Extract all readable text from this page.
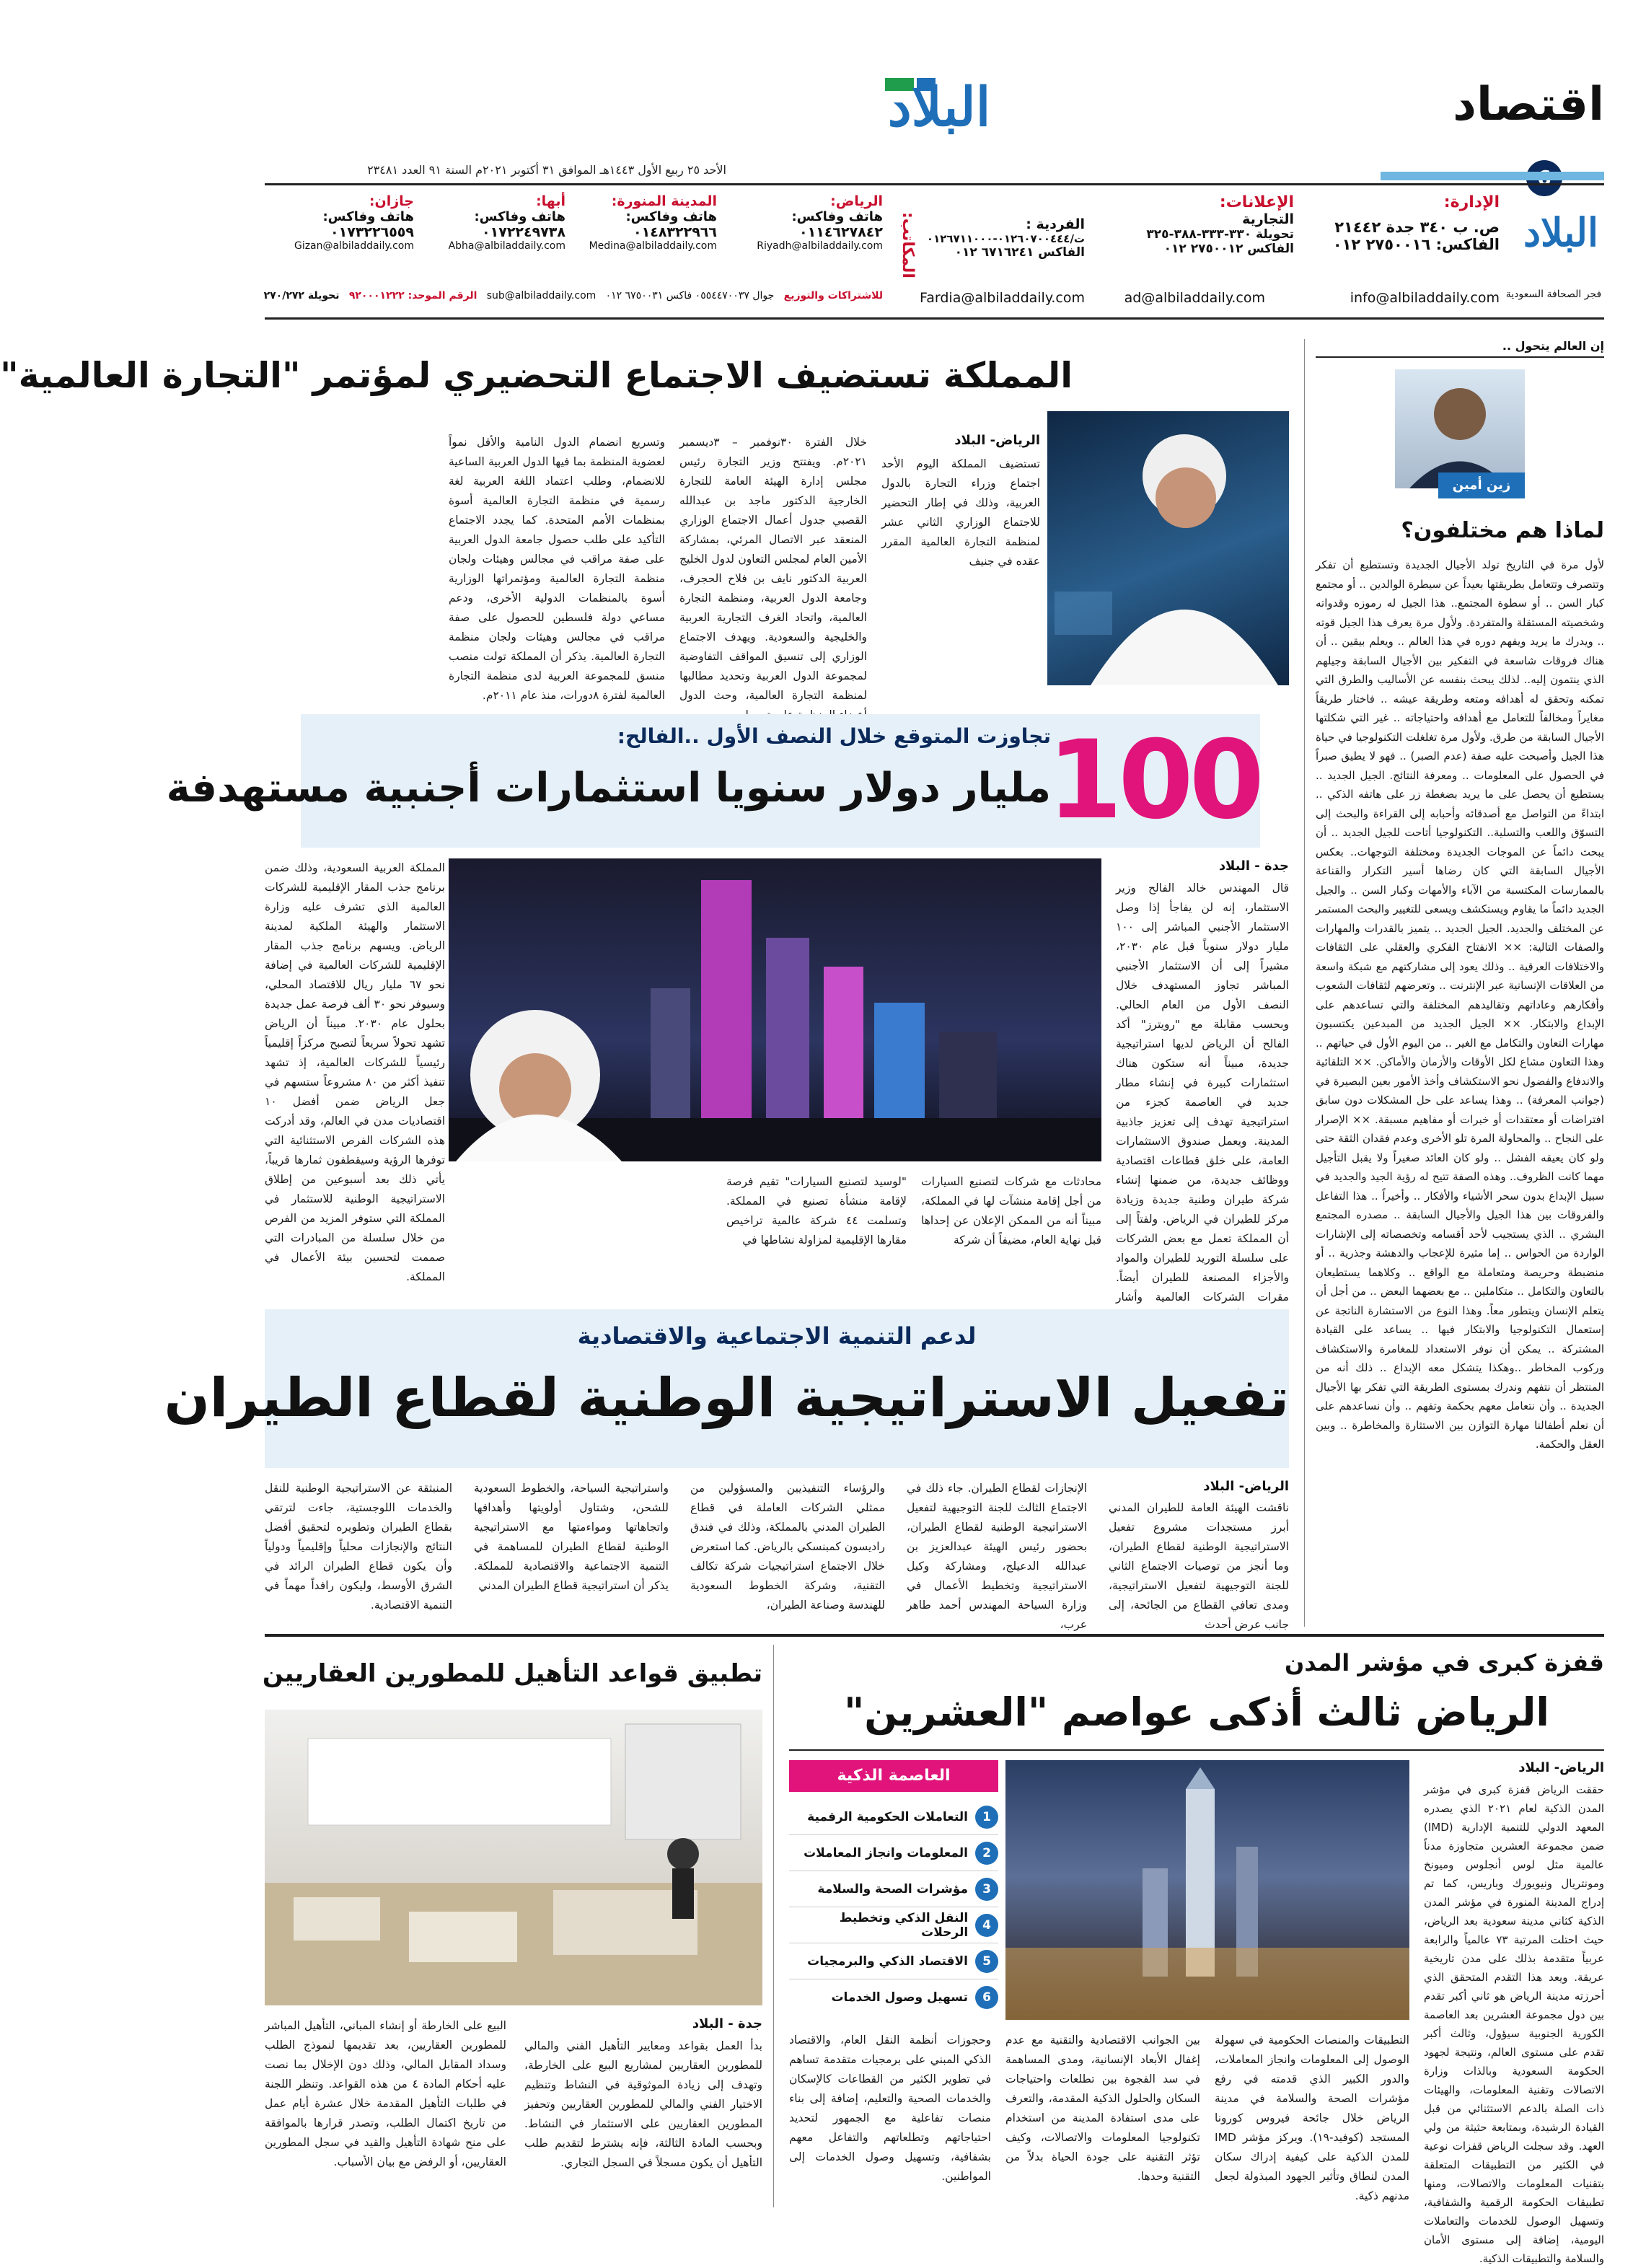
اقتصاد
البلاد
الأحد ٢٥ ربيع الأول ١٤٤٣هـ الموافق ٣١ أكتوبر ٢٠٢١م السنة ٩١ العدد ٢٣٤٨١
البلاد
فجر الصحافة السعودية
الإدارة:
ص. ب ٣٤٠ جدة ٢١٤٤٢
الفاكس: ٢٧٥٠٠١٦ ٠١٢
الإعلانات:
التجارية
تحويلة ٣٣٠-٣٣٣-٣٨٨-٣٢٥
الفاكس ٢٧٥٠٠١٢ ٠١٢
الفردية :
ت/٠١٢٦٠٧٠٠٤٤٤-٠١٢٦٧١١٠٠٠
الفاكس ٦٧١٦٢٤١ ٠١٢
info@albiladdaily.com
ad@albiladdaily.com
Fardia@albiladdaily.com
المكاتب:
الرياض:
هاتف وفاكس:
٠١١٤٦٢٧٨٤٢
Riyadh@albiladdaily.com
المدينة المنورة:
هاتف وفاكس:
٠١٤٨٣٢٢٩٦٦
Medina@albiladdaily.com
أبها:
هاتف وفاكس:
٠١٧٢٢٤٩٧٣٨
Abha@albiladdaily.com
جازان:
هاتف وفاكس:
٠١٧٣٢٢٦٥٥٩
Gizan@albiladdaily.com
للاشتراكات والتوزيع   جوال ٠٥٥٤٤٧٠٠٣٧ فاكس ٦٧٥٠٠٣١ ٠١٢   sub@albiladdaily.com   الرقم الموحد: ٩٢٠٠٠١٢٢٢   تحويلة ٢٧٠/٢٧٢
إن العالم يتحول ..
زين أمين
لماذا هم مختلفون؟
لأول مرة في التاريخ تولد الأجيال الجديدة وتستطيع أن تفكر وتتصرف وتتعامل بطريقتها بعيداً عن سيطرة الوالدين .. أو مجتمع كبار السن .. أو سطوة المجتمع.. هذا الجيل له رموزه وقدواته وشخصيته المستقلة والمتفردة. ولأول مرة يعرف هذا الجيل قوته .. ويدرك ما يريد ويفهم دوره في هذا العالم .. ويعلم بيقين .. أن هناك فروقات شاسعة في التفكير بين الأجيال السابقة وجيلهم الذي ينتمون إليه.. لذلك يبحث بنفسه عن الأساليب والطرق التي تمكنه وتحقق له أهدافه ومتعه وطريقة عيشه .. فاختار طريقاً مغايراً ومخالفاً للتعامل مع أهدافه واحتياجاته .. غير التي شكلتها الأجيال السابقة من طرق. ولأول مرة تغلغلت التكنولوجيا في حياة هذا الجيل وأصبحت عليه صفة (عدم الصبر) .. فهو لا يطيق صبراً في الحصول على المعلومات .. ومعرفة النتائج. الجيل الجديد .. يستطيع أن يحصل على ما يريد بضغطة زر على هاتفه الذكي .. ابتداءً من التواصل مع أصدقائه وأحبابه إلى القراءة والبحث إلى التسوّق واللعب والتسلية.. التكنولوجيا أتاحت للجيل الجديد .. أن يبحث دائماً عن الموجات الجديدة ومختلفة التوجهات.. بعكس الأجيال السابقة التي كان رضاها أسير التكرار والقناعة بالممارسات المكتسبة من الآباء والأمهات وكبار السن .. والجيل الجديد دائماً ما يقاوم ويستكشف ويسعى للتغيير والبحث المستمر عن المختلف والجديد. الجيل الجديد .. يتميز بالقدرات والمهارات والصفات التالية: ×× الانفتاح الفكري والعقلي على الثقافات والاختلافات العرقية .. وذلك يعود إلى مشاركتهم مع شبكة واسعة من العلاقات الإنسانية عبر الإنترنت .. وتعرضهم لثقافات الشعوب وأفكارهم وعاداتهم وتقاليدهم المختلفة والتي تساعدهم على الإبداع والابتكار. ×× الجيل الجديد من المبدعين يكتسبون مهارات التعاون والتكامل مع الغير .. من اليوم الأول في حياتهم .. وهذا التعاون مشاع لكل الأوقات والأزمان والأماكن. ×× التلقائية والاندفاع والفضول نحو الاستكشاف وأخذ الأمور بعين البصيرة في (جوانب المعرفة) .. وهذا يساعد على حل المشكلات دون سابق افتراضات أو معتقدات أو خبرات أو مفاهيم مسبقة. ×× الإصرار على النجاح .. والمحاولة المرة تلو الأخرى وعدم فقدان الثقة حتى ولو كان يعيقه الفشل .. ولو كان العائد صغيراً ولا يقبل التأجيل مهما كانت الظروف.. وهذه الصفة تتيح له رؤية الجيد والجديد في سبيل الإبداع بدون سحر الأشياء والأفكار .. وأخيراً .. هذا التفاعل والفروقات بين هذا الجيل والأجيال السابقة .. مصدره المجتمع البشري .. الذي يستجيب لأحد أقسامه وتخصصاته إلى الإشارات الواردة من الحواس .. إما مثيرة للإعجاب والدهشة وجذرية .. أو منضبطة وحريصة ومتعاملة مع الواقع .. وكلاهما يستطيعان بالتعاون والتكامل .. متكاملين .. مع بعضهما البعض .. من أجل أن يتعلم الإنسان ويتطور معاً. وهذا النوع من الاستشارة الناتجة عن إستعمال التكنولوجيا والابتكار فيها .. يساعد على القيادة المشتركة .. يمكن أن نوفر الاستعداد للمغامرة والاستكشاف وركوب المخاطر ..وهكذا يتشكل معه الإبداع .. ذلك أنه من المنتظر أن نتفهم وندرك بمستوى الطريقة التي تفكر بها الأجيال الجديدة .. وأن نتعامل معهم بحكمة وتفهم .. وأن نساعدهم على أن نعلم أطفالنا مهارة التوازن بين الاستثارة والمخاطرة .. وبين العقل والحكمة.
المملكة تستضيف الاجتماع التحضيري لمؤتمر "التجارة العالمية"
الرياض- البلاد
تستضيف المملكة اليوم الأحد اجتماع وزراء التجارة بالدول العربية، وذلك في إطار التحضير للاجتماع الوزاري الثاني عشر لمنظمة التجارة العالمية المقرر عقده في جنيف
خلال الفترة ٣٠نوفمبر – ٣ديسمبر ٢٠٢١م. ويفتتح وزير التجارة رئيس مجلس إدارة الهيئة العامة للتجارة الخارجية الدكتور ماجد بن عبدالله القصبي جدول أعمال الاجتماع الوزاري المنعقد عبر الاتصال المرئي، بمشاركة الأمين العام لمجلس التعاون لدول الخليج العربية الدكتور نايف بن فلاح الحجرف، وجامعة الدول العربية، ومنظمة التجارة العالمية، واتحاد الغرف التجارية العربية والخليجية والسعودية. ويهدف الاجتماع الوزاري إلى تنسيق المواقف التفاوضية لمجموعة الدول العربية وتحديد مطالبها لمنظمة التجارة العالمية، وحث الدول
وتسريع انضمام الدول النامية والأقل نمواً لعضوية المنظمة بما فيها الدول العربية الساعية للانضمام، وطلب اعتماد اللغة العربية لغة رسمية في منظمة التجارة العالمية أسوة بمنظمات الأمم المتحدة. كما يجدد الاجتماع التأكيد على طلب حصول جامعة الدول العربية على صفة مراقب في مجالس وهيئات ولجان منظمة التجارة العالمية ومؤتمراتها الوزارية أسوة بالمنظمات الدولية الأخرى، ودعم مساعي دولة فلسطين للحصول على صفة مراقب في مجالس وهيئات ولجان منظمة التجارة العالمية. يذكر أن المملكة تولت منصب منسق للمجموعة العربية لدى منظمة التجارة العالمية لفترة ٨دورات، منذ عام ٢٠١١م.
100
تجاوزت المتوقع خلال النصف الأول ..الفالح:
مليار دولار سنويا استثمارات أجنبية مستهدفة
جدة - البلاد
قال المهندس خالد الفالح وزير الاستثمار، إنه لن يفاجأ إذا وصل الاستثمار الأجنبي المباشر إلى ١٠٠ مليار دولار سنوياً قبل عام ٢٠٣٠، مشيراً إلى أن الاستثمار الأجنبي المباشر تجاوز المستهدف خلال النصف الأول من العام الحالي. وبحسب مقابلة مع "رويترز" أكد الفالح أن الرياض لديها استراتيجية جديدة، مبيناً أنه ستكون هناك استثمارات كبيرة في إنشاء مطار جديد في العاصمة كجزء من استراتيجية تهدف إلى تعزيز جاذبية المدينة. ويعمل صندوق الاستثمارات العامة، على خلق قطاعات اقتصادية ووظائف جديدة، من ضمنها إنشاء شركة طيران وطنية جديدة وزيادة مركز للطيران في الرياض. ولفتاً إلى أن المملكة تعمل مع بعض الشركات على سلسلة التوريد للطيران والمواد والأجزاء المصنعة للطيران أيضاً. مقرات الشركات العالمية وأشار
محادثات مع شركات لتصنيع السيارات من أجل إقامة منشآت لها في المملكة، مبيناً أنه من الممكن الإعلان عن إحداها قبل نهاية العام، مضيفاً أن شركة
"لوسيد لتصنيع السيارات" تقيم فرصة لإقامة منشأة تصنيع في المملكة. وتسلمت ٤٤ شركة عالمية تراخيص مقارها الإقليمية لمزاولة نشاطها في
المملكة العربية السعودية، وذلك ضمن برنامج جذب المقار الإقليمية للشركات العالمية الذي تشرف عليه وزارة الاستثمار والهيئة الملكية لمدينة الرياض. ويسهم برنامج جذب المقار الإقليمية للشركات العالمية في إضافة نحو ٦٧ مليار ريال للاقتصاد المحلي، وسيوفر نحو ٣٠ ألف فرصة عمل جديدة بحلول عام ٢٠٣٠. مبيناً أن الرياض تشهد تحولاً سريعاً لتصبح مركزاً إقليمياً رئيسياً للشركات العالمية، إذ تشهد تنفيذ أكثر من ٨٠ مشروعاً ستسهم في جعل الرياض ضمن أفضل ١٠ اقتصاديات مدن في العالم، وقد أدركت هذه الشركات الفرص الاستثنائية التي توفرها الرؤية وسيقطفون ثمارها قريباً، يأتي ذلك بعد أسبوعين من إطلاق الاستراتيجية الوطنية للاستثمار في المملكة التي ستوفر المزيد من الفرص من خلال سلسلة من المبادرات التي صممت لتحسين بيئة الأعمال في المملكة.
لدعم التنمية الاجتماعية والاقتصادية
تفعيل الاستراتيجية الوطنية لقطاع الطيران
الرياض- البلاد
ناقشت الهيئة العامة للطيران المدني أبرز مستجدات مشروع تفعيل الاستراتيجية الوطنية لقطاع الطيران، وما أنجز من توصيات الاجتماع الثاني للجنة التوجيهية لتفعيل الاستراتيجية، ومدى تعافي القطاع من الجائحة، إلى جانب عرض أحدث
الإنجازات لقطاع الطيران. جاء ذلك في الاجتماع الثالث للجنة التوجيهية لتفعيل الاستراتيجية الوطنية لقطاع الطيران، بحضور رئيس الهيئة عبدالعزيز بن عبدالله الدعيلج، ومشاركة وكيل الاستراتيجية وتخطيط الأعمال في وزارة السياحة المهندس أحمد طاهر عرب،
والرؤساء التنفيذيين والمسؤولين من ممثلي الشركات العاملة في قطاع الطيران المدني بالمملكة، وذلك في فندق راديسون كمبنسكي بالرياض. كما استعرض خلال الاجتماع استراتيجيات شركة تكالف التقنية، وشركة الخطوط السعودية للهندسة وصناعة الطيران،
واستراتيجية السياحة، والخطوط السعودية للشحن، وشتاول أولويتها وأهدافها واتجاهاتها ومواءمتها مع الاستراتيجية الوطنية لقطاع الطيران للمساهمة في التنمية الاجتماعية والاقتصادية للمملكة. يذكر أن استراتيجية قطاع الطيران المدني
المنبثقة عن الاستراتيجية الوطنية للنقل والخدمات اللوجستية، جاءت لترتقي بقطاع الطيران وتطويره لتحقيق أفضل النتائج والإنجازات محلياً وإقليمياً ودولياً وأن يكون قطاع الطيران الرائد في الشرق الأوسط، وليكون رافداً مهماً في التنمية الاقتصادية.
قفزة كبرى في مؤشر المدن
الرياض ثالث أذكى عواصم "العشرين"
الرياض- البلاد
حققت الرياض قفزة كبرى في مؤشر المدن الذكية لعام ٢٠٢١ الذي يصدره المعهد الدولي للتنمية الإدارية (IMD) ضمن مجموعة العشرين متجاوزة مدناً عالمية مثل لوس أنجلوس وميونخ ومونتريال ونيويورك وباريس، كما تم إدراج المدينة المنورة في مؤشر المدن الذكية كثاني مدينة سعودية بعد الرياض، حيث احتلت المرتبة ٧٣ عالمياً والرابعة عربياً متقدمة بذلك على مدن تاريخية عريقة. ويعد هذا التقدم المتحقق الذي أحرزته مدينة الرياض هو ثاني أكبر تقدم بين دول مجموعة العشرين بعد العاصمة الكورية الجنوبية سيؤول، وثالث أكبر تقدم على مستوى العالم، ونتيجة لجهود الحكومة السعودية وبالذات وزارة الاتصالات وتقنية المعلومات، والهيئات ذات الصلة بالدعم الاستثنائي من قبل القيادة الرشيدة، وبمتابعة حثيثة من ولي العهد. وقد سجلت الرياض قفزات نوعية في الكثير من التطبيقات المتعلقة بتقنيات المعلومات والاتصالات، ومنها تطبيقات الحكومة الرقمية والشفافية، وتسهيل الوصول للخدمات والتعاملات اليومية، إضافة إلى مستوى الأمان والسلامة والتطبيقات الذكية.
العاصمة الذكية
1
التعاملات الحكومية الرقمية
2
المعلومات وانجاز المعاملات
3
مؤشرات الصحة والسلامة
4
النقل الذكي وتخطيط الرحلات
5
الاقتصاد الذكي والبرمجيات
6
تسهيل وصول الخدمات
التطبيقات والمنصات الحكومية في سهولة الوصول إلى المعلومات وانجاز المعاملات، والدور الكبير الذي قدمته في رفع مؤشرات الصحة والسلامة في مدينة الرياض خلال جائحة فيروس كورونا المستجد (كوفيد-١٩). ويركز مؤشر IMD للمدن الذكية على كيفية إدراك سكان المدن لنطاق وتأثير الجهود المبذولة لجعل مدنهم ذكية.
بين الجوانب الاقتصادية والتقنية مع عدم إغفال الأبعاد الإنسانية، ومدى المساهمة في سد الفجوة بين تطلعات واحتياجات السكان والحلول الذكية المقدمة، والتعرف على مدى استفادة المدينة من استخدام تكنولوجيا المعلومات والاتصالات، وكيف تؤثر التقنية على جودة الحياة بدلاً من التقنية وحدها.
وحجوزات أنظمة النقل العام، والاقتصاد الذكي المبني على برمجيات متقدمة تساهم في تطوير الكثير من القطاعات كالإسكان والخدمات الصحية والتعليم، إضافة إلى بناء منصات تفاعلية مع الجمهور لتحديد احتياجاتهم وتطلعاتهم والتفاعل معهم بشفافية، وتسهيل وصول الخدمات إلى المواطنين.
تطبيق قواعد التأهيل للمطورين العقاريين
جدة - البلاد
بدأ العمل بقواعد ومعايير التأهيل الفني والمالي للمطورين العقاريين لمشاريع البيع على الخارطة، وتهدف إلى زيادة الموثوقية في النشاط وتنظيم الاختيار الفني والمالي للمطورين العقاريين وتحفيز المطورين العقاريين على الاستثمار في النشاط. وبحسب المادة الثالثة، فإنه يشترط لتقديم طلب التأهيل أن يكون مسجلاً في السجل التجاري.
البيع على الخارطة أو إنشاء المباني، التأهيل المباشر للمطورين العقاريين، بعد تقديمها لنموذج الطلب وسداد المقابل المالي، وذلك دون الإخلال بما نصت عليه أحكام المادة ٤ من هذه القواعد. وتنظر اللجنة في طلبات التأهيل المقدمة خلال عشرة أيام عمل من تاريخ اكتمال الطلب، وتصدر قرارها بالموافقة على منح شهادة التأهيل والقيد في سجل المطورين العقاريين، أو الرفض مع بيان الأسباب.
